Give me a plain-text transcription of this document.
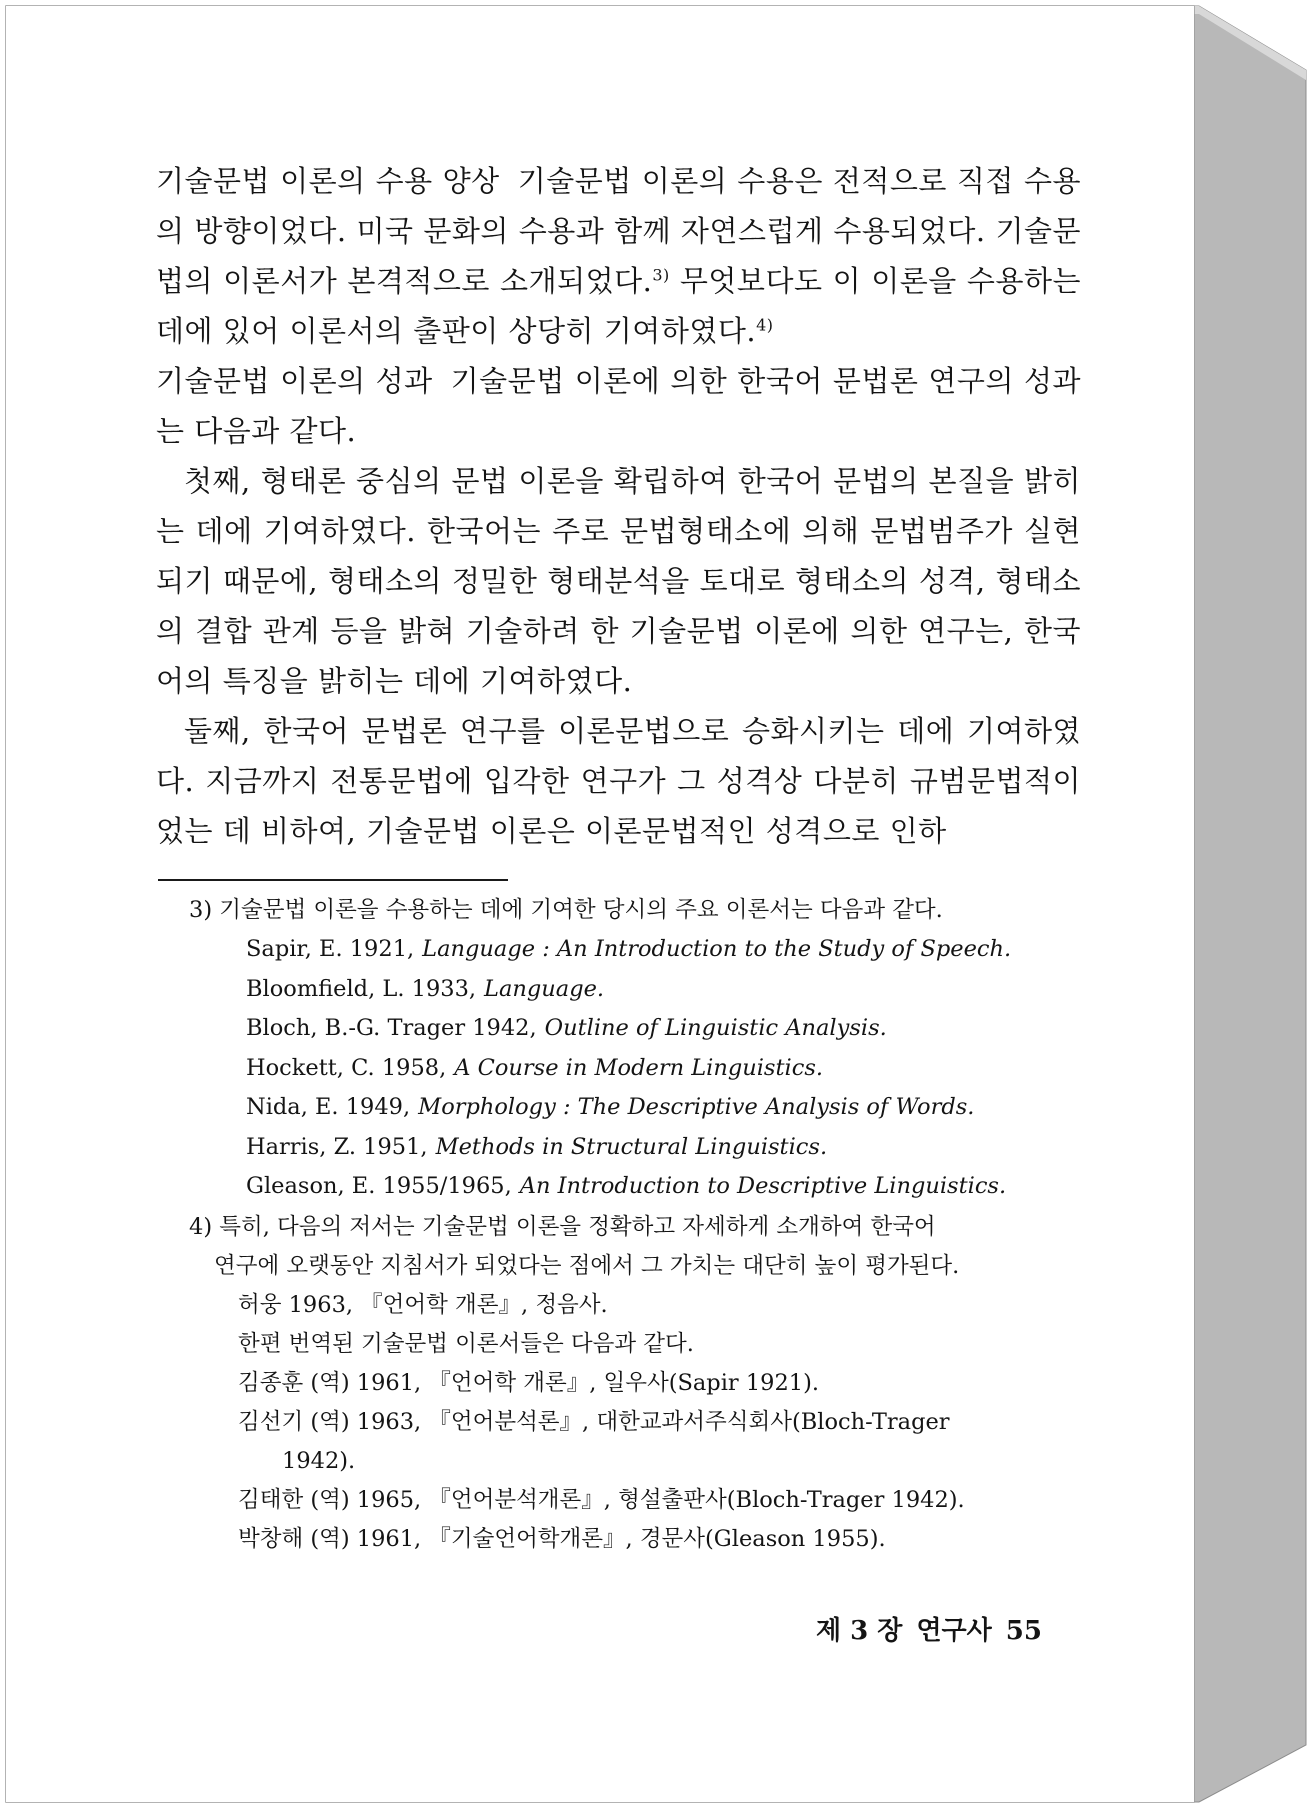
기술문법 이론의 수용 양상 기술문법 이론의 수용은 전적으로 직접 수용의 방향이었다. 미국 문화의 수용과 함께 자연스럽게 수용되었다. 기술문법의 이론서가 본격적으로 소개되었다.$^{3)}$ 무엇보다도 이 이론을 수용하는 데에 있어 이론서의 출판이 상당히 기여하였다.$^{4)}$

기술문법 이론의 성과 기술문법 이론에 의한 한국어 문법론 연구의 성과는 다음과 같다.

첫째, 형태론 중심의 문법 이론을 확립하여 한국어 문법의 본질을 밝히는 데에 기여하였다. 한국어는 주로 문법형태소에 의해 문법범주가 실현되기 때문에, 형태소의 정밀한 형태분석을 토대로 형태소의 성격, 형태소의 결합 관계 등을 밝혀 기술하려 한 기술문법 이론에 의한 연구는, 한국어의 특징을 밝히는 데에 기여하였다.

둘째, 한국어 문법론 연구를 이론문법으로 승화시키는 데에 기여하였다. 지금까지 전통문법에 입각한 연구가 그 성격상 다분히 규범문법적이었는 데 비하여, 기술문법 이론은 이론문법적인 성격으로 인하

3) 기술문법 이론을 수용하는 데에 기여한 당시의 주요 이론서는 다음과 같다.

Sapir, E. 1921, Language : An Introduction to the Study of Speech.

Bloomfield, L. 1933, Language.

Bloch, B.-G. Trager 1942, Outline of Linguistic Analysis.

Hockett, C. 1958, A Course in Modern Linguistics.

Nida, E. 1949, Morphology : The Descriptive Analysis of Words.

Harris, Z. 1951, Methods in Structural Linguistics.

Gleason, E. 1955/1965, An Introduction to Descriptive Linguistics.

4) 특히, 다음의 저서는 기술문법 이론을 정확하고 자세하게 소개하여 한국어

연구에 오랫동안 지침서가 되었다는 점에서 그 가치는 대단히 높이 평가된다.

허웅 1963, 『언어학 개론』, 정음사.

한편 번역된 기술문법 이론서들은 다음과 같다.

김종훈 (역) 1961, 『언어학 개론』, 일우사(Sapir 1921).

김선기 (역) 1963, 『언어분석론』, 대한교과서주식회사(Bloch-Trager

1942).

김태한 (역) 1965, 『언어분석개론』, 형설출판사(Bloch-Trager 1942).

박창해 (역) 1961, 『기술언어학개론』, 경문사(Gleason 1955).

제 3 장 연구사 55
